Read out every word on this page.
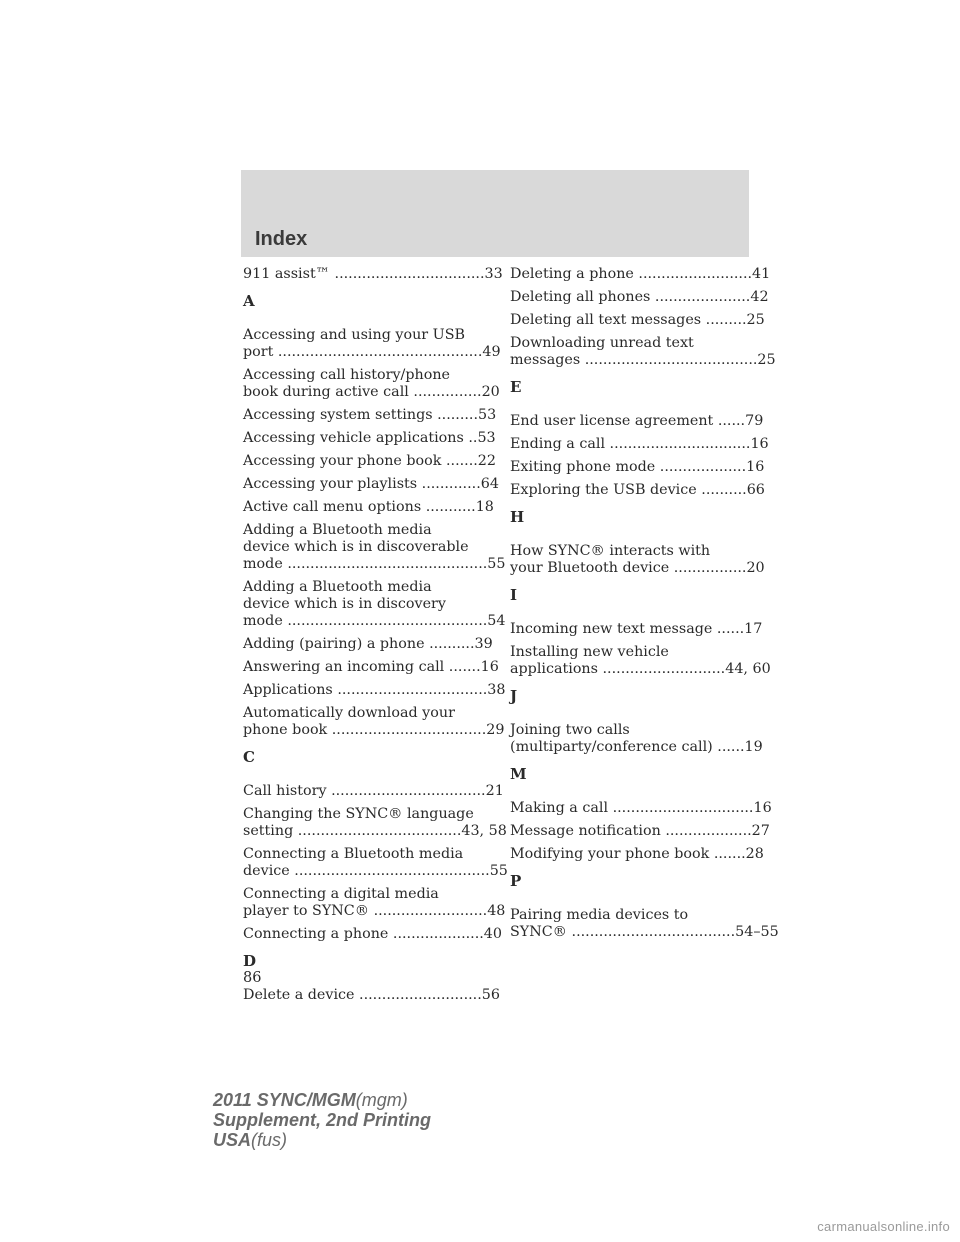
Index
911 assist™ .................................33
A
Accessing and using your USB
port .............................................49
Accessing call history/phone
book during active call ...............20
Accessing system settings .........53
Accessing vehicle applications ..53
Accessing your phone book .......22
Accessing your playlists .............64
Active call menu options ...........18
Adding a Bluetooth media
device which is in discoverable
mode ............................................55
Adding a Bluetooth media
device which is in discovery
mode ............................................54
Adding (pairing) a phone ..........39
Answering an incoming call .......16
Applications .................................38
Automatically download your
phone book ..................................29
C
Call history ..................................21
Changing the SYNC® language
setting ....................................43, 58
Connecting a Bluetooth media
device ...........................................55
Connecting a digital media
player to SYNC® .........................48
Connecting a phone ....................40
D
Delete a device ...........................56
Deleting a phone .........................41
Deleting all phones .....................42
Deleting all text messages .........25
Downloading unread text
messages ......................................25
E
End user license agreement ......79
Ending a call ...............................16
Exiting phone mode ...................16
Exploring the USB device ..........66
H
How SYNC® interacts with
your Bluetooth device ................20
I
Incoming new text message ......17
Installing new vehicle
applications ...........................44, 60
J
Joining two calls
(multiparty/conference call) ......19
M
Making a call ...............................16
Message notification ...................27
Modifying your phone book .......28
P
Pairing media devices to
SYNC® ....................................54–55
86
2011 SYNC/MGM(mgm)
Supplement, 2nd Printing
USA(fus)
carmanualsonline.info
